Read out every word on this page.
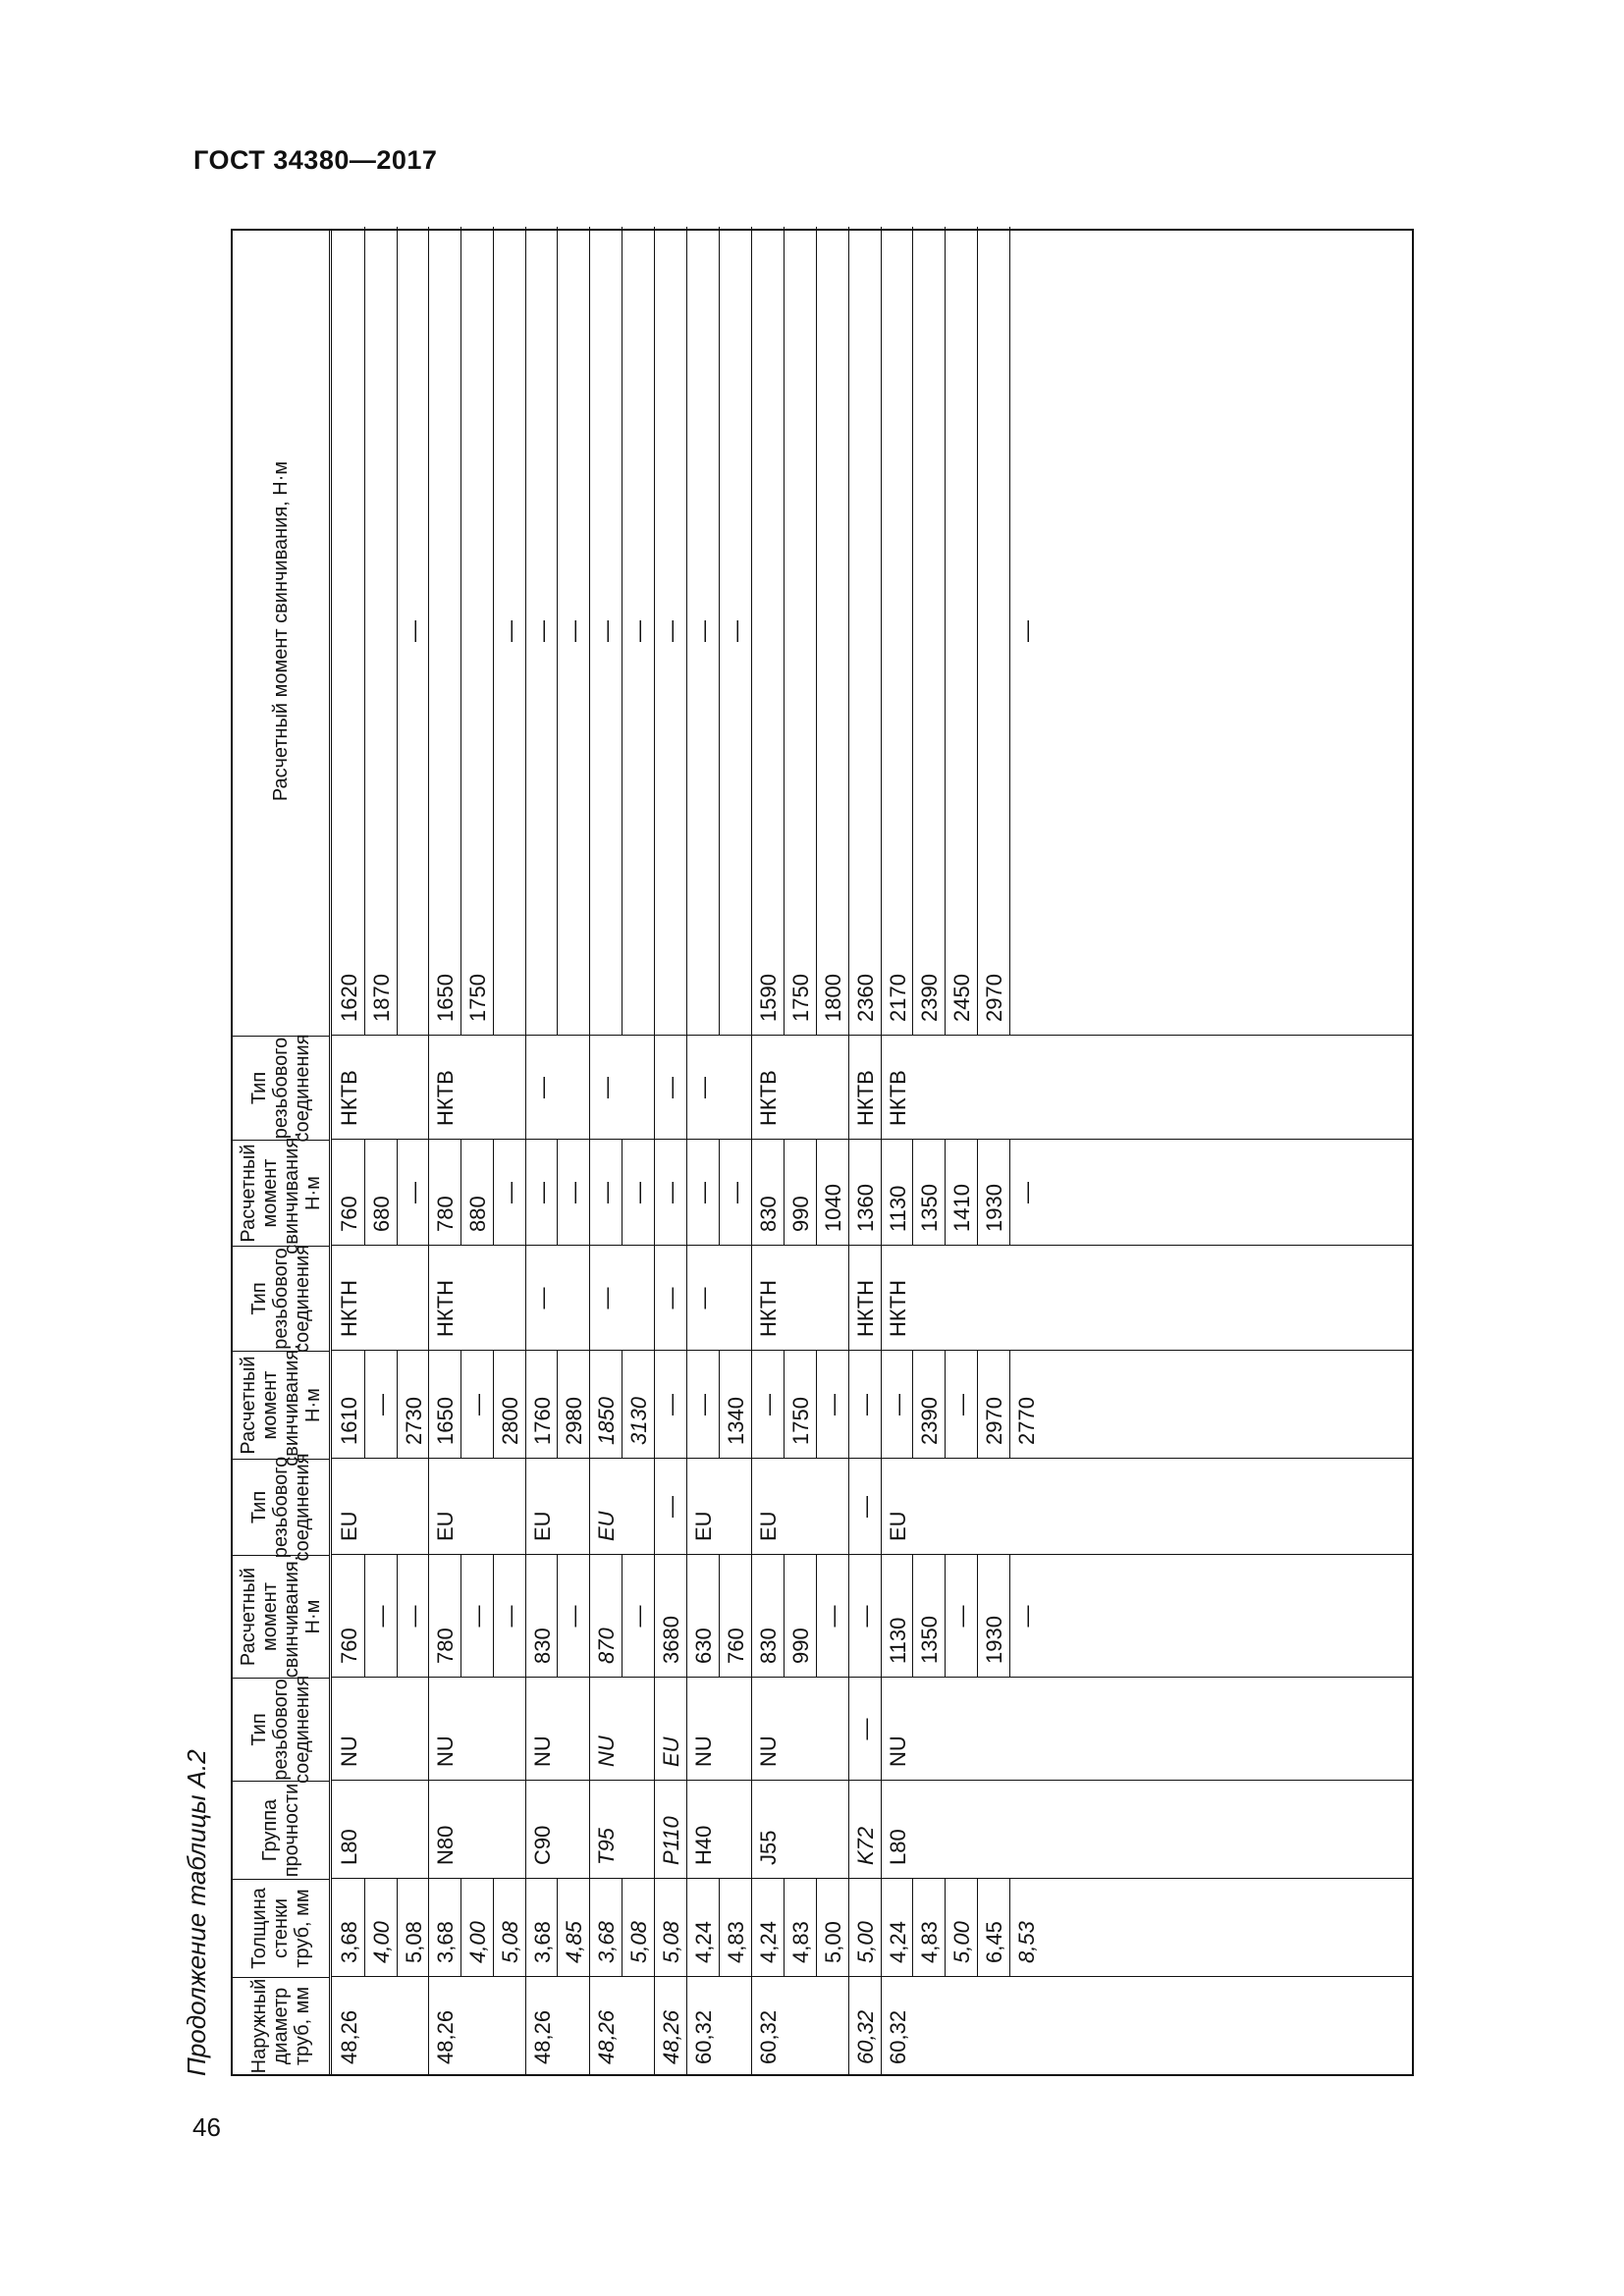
ГОСТ 34380—2017
Продолжение таблицы А.2	Наружный диаметр труб, мм
Толщина стенки труб, мм
Группа прочности
Тип резьбового соединения
Расчетный момент свинчивания, Н·м
Тип резьбового соединения
Расчетный момент свинчивания, Н·м
Тип резьбового соединения
Расчетный момент свинчивания, Н·м
Тип резьбового соединения
Расчетный момент свинчивания, Н·м
48,26
3,68
L80
NU
760
EU
1610
НКТН
760
НКТВ
1620
4,00
—
—
680
1870
5,08
—
2730
—
—
48,26
3,68
N80
NU
780
EU
1650
НКТН
780
НКТВ
1650
4,00
—
—
880
1750
5,08
—
2800
—
—
48,26
3,68
C90
NU
830
EU
1760
—
—
—
—
4,85
—
2980
—
—
48,26
3,68
T95
NU
870
EU
1850
—
—
—
—
5,08
—
3130
—
—
48,26
5,08
P110
EU
3680
—
—
—
—
—
—
60,32
4,24
H40
NU
630
EU
—
—
—
—
—
4,83
760
1340
—
—
60,32
4,24
J55
NU
830
EU
—
НКТН
830
НКТВ
1590
4,83
990
1750
990
1750
5,00
—
—
1040
1800
60,32
5,00
K72
—
—
—
—
НКТН
1360
НКТВ
2360
60,32
4,24
L80
NU
1130
EU
—
НКТН
1130
НКТВ
2170
4,83
1350
2390
1350
2390
5,00
—
—
1410
2450
6,45
1930
2970
1930
2970
8,53
—
2770
—
—
46
